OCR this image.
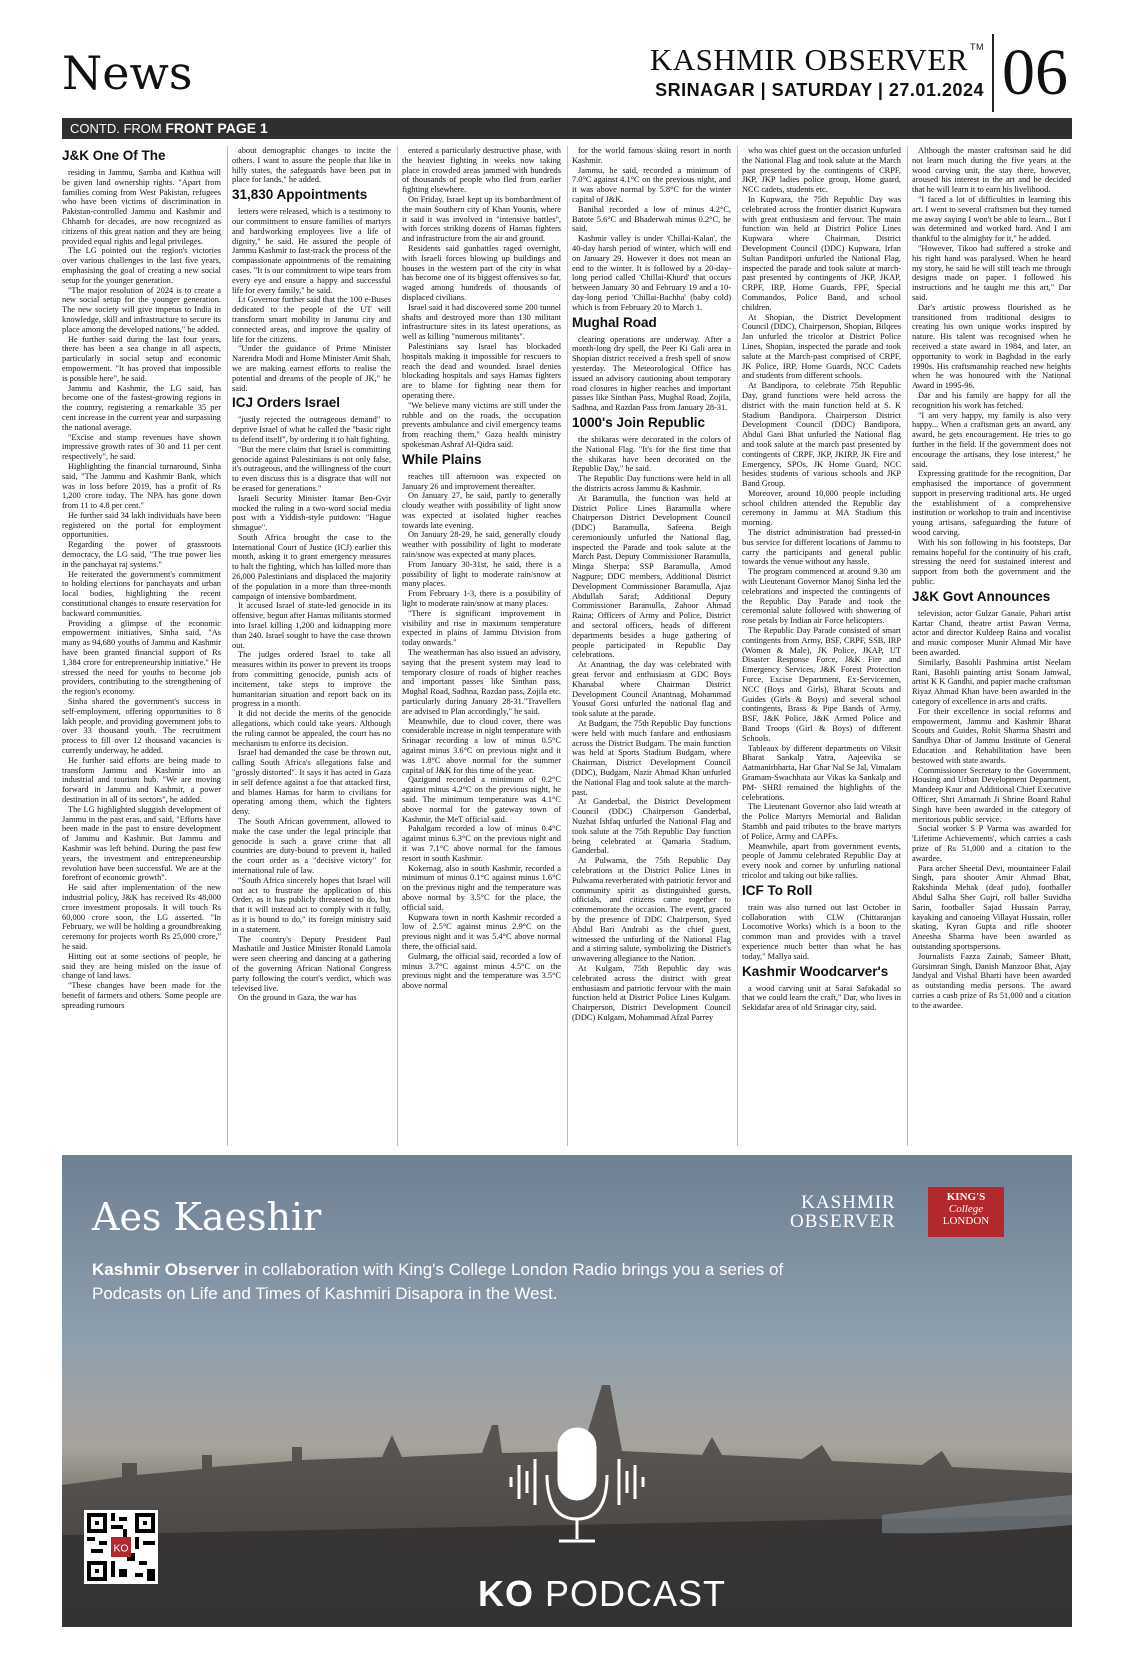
News	KASHMIR OBSERVER ™
SRINAGAR | SATURDAY | 27.01.2024 06
CONTD. FROM FRONT PAGE 1
J&K One Of The

residing in Jammu, Samba and Kathua will be given land ownership rights. "Apart from families coming from West Pakistan, refugees who have been victims of discrimination in Pakistan-controlled Jammu and Kashmir and Chhamb for decades, are now recognized as citizens of this great nation and they are being provided equal rights and legal privileges.

The LG pointed out the region's victories over various challenges in the last five years, emphasising the goal of creating a new social setup for the younger generation.

"The major resolution of 2024 is to create a new social setup for the younger generation. The new society will give impetus to India in knowledge, skill and infrastructure to secure its place among the developed nations," he added.

He further said during the last four years, there has been a sea change in all aspects, particularly in social setup and economic empowerment. "It has proved that impossible is possible here", he said.

Jammu and Kashmir, the LG said, has become one of the fastest-growing regions in the country, registering a remarkable 35 per cent increase in the current year and surpassing the national average.

"Excise and stamp revenues have shown impressive growth rates of 30 and 11 per cent respectively", he said.

Highlighting the financial turnaround, Sinha said, "The Jammu and Kashmir Bank, which was in loss before 2019, has a profit of Rs 1,200 crore today. The NPA has gone down from 11 to 4.8 per cent."

He further said 34 lakh individuals have been registered on the portal for employment opportunities.

Regarding the power of grassroots democracy, the LG said, "The true power lies in the panchayat raj systems."

He reiterated the government's commitment to holding elections for panchayats and urban local bodies, highlighting the recent constitutional changes to ensure reservation for backward communities.

Providing a glimpse of the economic empowerment initiatives, Sinha said, "As many as 94,680 youths of Jammu and Kashmir have been granted financial support of Rs 1,384 crore for entrepreneurship initiative." He stressed the need for youths to become job providers, contributing to the strengthening of the region's economy.

Sinha shared the government's success in self-employment, offering opportunities to 8 lakh people, and providing government jobs to over 33 thousand youth. The recruitment process to fill over 12 thousand vacancies is currently underway, he added.

He further said efforts are being made to transform Jammu and Kashmir into an industrial and tourism hub. "We are moving forward in Jammu and Kashmir, a power destination in all of its sectors", he added.

The LG highlighted sluggish development of Jammu in the past eras, and said, "Efforts have been made in the past to ensure development of Jammu and Kashmir. But Jammu and Kashmir was left behind. During the past few years, the investment and entrepreneurship revolution have been successful. We are at the forefront of economic growth".

He said after implementation of the new industrial policy, J&K has received Rs 48,000 crore investment proposals. It will touch Rs 60,000 crore soon, the LG asserted. "In February, we will be holding a groundbreaking ceremony for projects worth Rs 25,000 crore," he said.

Hitting out at some sections of people, he said they are being misled on the issue of change of land laws.

"These changes have been made for the benefit of farmers and others. Some people are spreading rumours

about demographic changes to incite the others. I want to assure the people that like in hilly states, the safeguards have been put in place for lands," he added.

31,830 Appointments

letters were released, which is a testimony to our commitment to ensure families of martyrs and hardworking employees live a life of dignity," he said. He assured the people of Jammu Kashmir to fast-track the process of the compassionate appointments of the remaining cases. "It is our commitment to wipe tears from every eye and ensure a happy and successful life for every family," he said.

Lt Governor further said that the 100 e-Buses dedicated to the people of the UT will transform smart mobility in Jammu city and connected areas, and improve the quality of life for the citizens.

"Under the guidance of Prime Minister Narendra Modi and Home Minister Amit Shah, we are making earnest efforts to realise the potential and dreams of the people of JK," he said.

ICJ Orders Israel

"justly rejected the outrageous demand" to deprive Israel of what he called the "basic right to defend itself", by ordering it to halt fighting.

"But the mere claim that Israel is committing genocide against Palestinians is not only false, it's outrageous, and the willingness of the court to even discuss this is a disgrace that will not be erased for generations."

Israeli Security Minister Itamar Ben-Gvir mocked the ruling in a two-word social media post with a Yiddish-style putdown: "Hague shmague".

South Africa brought the case to the International Court of Justice (ICJ) earlier this month, asking it to grant emergency measures to halt the fighting, which has killed more than 26,000 Palestinians and displaced the majority of the population in a more than three-month campaign of intensive bombardment.

It accused Israel of state-led genocide in its offensive, begun after Hamas militants stormed into Israel killing 1,200 and kidnapping more than 240. Israel sought to have the case thrown out.

The judges ordered Israel to take all measures within its power to prevent its troops from committing genocide, punish acts of incitement, take steps to improve the humanitarian situation and report back on its progress in a month.

It did not decide the merits of the genocide allegations, which could take years. Although the ruling cannot be appealed, the court has no mechanism to enforce its decision.

Israel had demanded the case be thrown out, calling South Africa's allegations false and "grossly distorted". It says it has acted in Gaza in self defence against a foe that attacked first, and blames Hamas for harm to civilians for operating among them, which the fighters deny.

The South African government, allowed to make the case under the legal principle that genocide is such a grave crime that all countries are duty-bound to prevent it, hailed the court order as a "decisive victory" for international rule of law.

"South Africa sincerely hopes that Israel will not act to frustrate the application of this Order, as it has publicly threatened to do, but that it will instead act to comply with it fully, as it is bound to do," its foreign ministry said in a statement.

The country's Deputy President Paul Mashatile and Justice Minister Ronald Lamola were seen cheering and dancing at a gathering of the governing African National Congress party following the court's verdict, which was televised live.

On the ground in Gaza, the war has

entered a particularly destructive phase, with the heaviest fighting in weeks now taking place in crowded areas jammed with hundreds of thousands of people who fled from earlier fighting elsewhere.

On Friday, Israel kept up its bombardment of the main Southern city of Khan Younis, where it said it was involved in "intensive battles", with forces striking dozens of Hamas fighters and infrastructure from the air and ground.

Residents said gunbattles raged overnight, with Israeli forces blowing up buildings and houses in the western part of the city in what has become one of its biggest offensives so far, waged among hundreds of thousands of displaced civilians.

Israel said it had discovered some 200 tunnel shafts and destroyed more than 130 militant infrastructure sites in its latest operations, as well as killing "numerous militants".

Palestinians say Israel has blockaded hospitals making it impossible for rescuers to reach the dead and wounded. Israel denies blockading hospitals and says Hamas fighters are to blame for fighting near them for operating there.

"We believe many victims are still under the rubble and on the roads, the occupation prevents ambulance and civil emergency teams from reaching them," Gaza health ministry spokesman Ashraf Al-Qidra said.

While Plains

reaches till afternoon was expected on January 26 and improvement thereafter.

On January 27, he said, partly to generally cloudy weather with possibility of light snow was expected at isolated higher reaches towards late evening.

On January 28-29, he said, generally cloudy weather with possibility of light to moderate rain/snow was expected at many places.

From January 30-31st, he said, there is a possibility of light to moderate rain/snow at many places.

From February 1-3, there is a possibility of light to moderate rain/snow at many places.

"There is significant improvement in visibility and rise in maximum temperature expected in plains of Jammu Division from today onwards."

The weatherman has also issued an advisory, saying that the present system may lead to temporary closure of roads of higher reaches and important passes like Sinthan pass, Mughal Road, Sadhna, Razdan pass, Zojila etc. particularly during January 28-31."Travellers are advised to Plan accordingly," he said.

Meanwhile, due to cloud cover, there was considerable increase in night temperature with Srinagar recording a low of minus 0.5°C against minus 3.6°C on previous night and it was 1.8°C above normal for the summer capital of J&K for this time of the year.

Qazigund recorded a minimum of 0.2°C against minus 4.2°C on the previous night, he said. The minimum temperature was 4.1°C above normal for the gateway town of Kashmir, the MeT official said.

Pahalgam recorded a low of minus 0.4°C against minus 6.3°C on the previous night and it was 7.1°C above normal for the famous resort in south Kashmir.

Kokernag, also in south Kashmir, recorded a minimum of minus 0.1°C against minus 1.6°C on the previous night and the temperature was above normal by 3.5°C for the place, the official said.

Kupwara town in north Kashmir recorded a low of 2.5°C against minus 2.9°C on the previous night and it was 5.4°C above normal there, the official said.

Gulmarg, the official said, recorded a low of minus 3.7°C against minus 4.5°C on the previous night and the temperature was 3.5°C above normal

for the world famous skiing resort in north Kashmir.

Jammu, he said, recorded a minimum of 7.0°C against 4.1°C on the previous night, and it was above normal by 5.8°C for the winter capital of J&K.

Banihal recorded a low of minus 4.2°C, Batote 5.6°C and Bhaderwah minus 0.2°C, he said.

Kashmir valley is under 'Chillai-Kalan', the 40-day harsh period of winter, which will end on January 29. However it does not mean an end to the winter. It is followed by a 20-day-long period called 'Chillai-Khurd' that occurs between January 30 and February 19 and a 10-day-long period 'Chillai-Bachha' (baby cold) which is from February 20 to March 1.

Mughal Road

clearing operations are underway. After a month-long dry spell, the Peer Ki Gali area in Shopian district received a fresh spell of snow yesterday. The Meteorological Office has issued an advisory cautioning about temporary road closures in higher reaches and important passes like Sinthan Pass, Mughal Road, Zojila, Sadhna, and Razdan Pass from January 28-31.

1000's Join Republic

the shikaras were decorated in the colors of the National Flag. "It's for the first time that the shikaras have been decorated on the Republic Day," he said.

The Republic Day functions were held in all the districts across Jammu & Kashmir.

At Baramulla, the function was held at District Police Lines Baramulla where Chairperson District Development Council (DDC) Baramulla, Safeena Beigh ceremoniously unfurled the National flag, inspected the Parade and took salute at the March Past. Deputy Commissioner Baramulla, Minga Sherpa; SSP Baramulla, Amod Nagpure; DDC members, Additional District Development Commissioner Baramulla, Ajaz Abdullah Saraf; Additional Deputy Commissioner Baramulla, Zahoor Ahmad Raina; Officers of Army and Police, District and sectoral officers, heads of different departments besides a huge gathering of people participated in Republic Day celebrations.

At Anantnag, the day was celebrated with great fervor and enthusiasm at GDC Boys Khanabal where Chairman District Development Council Anantnag, Mohammad Yousuf Gorsi unfurled the national flag and took salute at the parade.

At Budgam, the 75th Republic Day functions were held with much fanfare and enthusiasm across the District Budgam. The main function was held at Sports Stadium Budgam, where Chairman, District Development Council (DDC), Budgam, Nazir Ahmad Khan unfurled the National Flag and took salute at the march-past.

At Ganderbal, the District Development Council (DDC) Chairperson Ganderbal, Nuzhat Ishfaq unfurled the National Flag and took salute at the 75th Republic Day function being celebrated at Qamaria Stadium, Ganderbal.

At Pulwama, the 75th Republic Day celebrations at the District Police Lines in Pulwama reverberated with patriotic fervor and community spirit as distinguished guests, officials, and citizens came together to commemorate the occasion. The event, graced by the presence of DDC Chairperson, Syed Abdul Bari Andrabi as the chief guest, witnessed the unfurling of the National Flag and a stirring salute, symbolizing the District's unwavering allegiance to the Nation.

At Kulgam, 75th Republic day was celebrated across the district with great enthusiasm and patriotic fervour with the main function held at District Police Lines Kulgam. Chairperson, District Development Council (DDC) Kulgam, Mohammad Afzal Parrey

who was chief guest on the occasion unfurled the National Flag and took salute at the March past presented by the contingents of CRPF, JKP, JKP ladies police group, Home guard, NCC cadets, students etc.

In Kupwara, the 75th Republic Day was celebrated across the frontier district Kupwara with great enthusiasm and fervour. The main function was held at District Police Lines Kupwara where Chairman, District Development Council (DDC) Kupwara, Irfan Sultan Panditpori unfurled the National Flag, inspected the parade and took salute at march-past presented by contingents of JKP, JKAP, CRPF, IRP, Home Guards, FPF, Special Commandos, Police Band, and school children.

At Shopian, the District Development Council (DDC), Chairperson, Shopian, Bilqees Jan unfurled the tricolor at District Police Lines, Shopian, inspected the parade and took salute at the March-past comprised of CRPF, JK Police, IRP, Home Guards, NCC Cadets and students from different schools.

At Bandipora, to celebrate 75th Republic Day, grand functions were held across the district with the main function held at S. K Stadium Bandipora. Chairperson District Development Council (DDC) Bandipora, Abdul Gani Bhat unfurled the National flag and took salute at the march past presented by contingents of CRPF, JKP, JKIRP, JK Fire and Emergency, SPOs, JK Home Guard, NCC besides students of various schools and JKP Band Group.

Moreover, around 10,000 people including school children attended the Republic day ceremony in Jammu at MA Stadium this morning.

The district administration had pressed-in bus service for different locations of Jammu to carry the participants and general public towards the venue without any hassle.

The program commenced at around 9.30 am with Lieutenant Governor Manoj Sinha led the celebrations and inspected the contingents of the Republic Day Parade and took the ceremonial salute followed with showering of rose petals by Indian air Force helicopters.

The Republic Day Parade consisted of smart contingents from Army, BSF, CRPF, SSB, IRP (Women & Male), JK Police, JKAP, UT Disaster Response Force, J&K Fire and Emergency Services, J&K Forest Protection Force, Excise Department, Ex-Servicemen, NCC (Boys and Girls), Bharat Scouts and Guides (Girls & Boys) and several school contingents, Brass & Pipe Bands of Army, BSF, J&K Police, J&K Armed Police and Band Troops (Girl & Boys) of different Schools.

Tableaux by different departments on Viksit Bharat Sankalp Yatra, Aajeevika se Aatmanirbharta, Har Ghar Nal Se Jal, Vimalam Gramam-Swachhata aur Vikas ka Sankalp and PM- SHRI remained the highlights of the celebrations.

The Lieutenant Governor also laid wreath at the Police Martyrs Memorial and Balidan Stambh and paid tributes to the brave martyrs of Police, Army and CAPFs.

Meanwhile, apart from government events, people of Jammu celebrated Republic Day at every nook and corner by unfurling national tricolor and taking out bike rallies.

ICF To Roll

train was also turned out last October in collaboration with CLW (Chittaranjan Locomotive Works) which is a boon to the common man and provides with a travel experience much better than what he has today," Mallya said.

Kashmir Woodcarver's

a wood carving unit at Sarai Safakadal so that we could learn the craft," Dar, who lives in Sekidafar area of old Srinagar city, said.

Although the master craftsman said he did not learn much during the five years at the wood carving unit, the stay there, however, aroused his interest in the art and he decided that he will learn it to earn his livelihood.

"I faced a lot of difficulties in learning this art. I went to several craftsmen but they turned me away saying I won't be able to learn... But I was determined and worked hard. And I am thankful to the almighty for it," he added.

"However, Tikoo had suffered a stroke and his right hand was paralysed. When he heard my story, he said he will still teach me through designs made on paper. I followed his instructions and he taught me this art," Dar said.

Dar's artistic prowess flourished as he transitioned from traditional designs to creating his own unique works inspired by nature. His talent was recognised when he received a state award in 1984, and later, an opportunity to work in Baghdad in the early 1990s. His craftsmanship reached new heights when he was honoured with the National Award in 1995-96.

Dar and his family are happy for all the recognition his work has fetched.

"I am very happy, my family is also very happy... When a craftsman gets an award, any award, he gets encouragement. He tries to go further in the field. If the government does not encourage the artisans, they lose interest," he said.

Expressing gratitude for the recognition, Dar emphasised the importance of government support in preserving traditional arts. He urged the establishment of a comprehensive institution or workshop to train and incentivise young artisans, safeguarding the future of wood carving.

With his son following in his footsteps, Dar remains hopeful for the continuity of his craft, stressing the need for sustained interest and support from both the government and the public.

J&K Govt Announces

television, actor Gulzar Ganaie, Pahari artist Kartar Chand, theatre artist Pawan Verma, actor and director Kuldeep Raina and vocalist and music composer Munir Ahmad Mir have been awarded.

Similarly, Basohli Pashmina artist Neelam Rani, Basohli painting artist Sonam Jamwal, artist K K Gandhi, and papier mache craftsman Riyaz Ahmad Khan have been awarded in the category of excellence in arts and crafts.

For their excellence in social reforms and empowerment, Jammu and Kashmir Bharat Scouts and Guides, Rohit Sharma Shastri and Sandhya Dhar of Jammu Institute of General Education and Rehabilitation have been bestowed with state awards.

Commissioner Secretary to the Government, Housing and Urban Development Department, Mandeep Kaur and Additional Chief Executive Officer, Shri Amarnath Ji Shrine Board Rahul Singh have been awarded in the category of meritorious public service.

Social worker S P Varma was awarded for 'Lifetime Achievements', which carries a cash prize of Rs 51,000 and a citation to the awardee.

Para archer Sheetal Devi, mountaineer Falail Singh, para shooter Amir Ahmad Bhat, Rakshinda Mehak (deaf judo), footballer Abdul Salha Sher Gujri, roll baller Suvidha Sarin, footballer Sajad Hussain Parray, kayaking and canoeing Villayat Hussain, roller skating, Kyran Gupta and rifle shooter Aneesha Sharma have been awarded as outstanding sportspersons.

Journalists Fazza Zainab, Sameer Bhatt, Gursimran Singh, Danish Manzoor Bhat, Ajay Jandyal and Vishal Bharti have been awarded as outstanding media persons. The award carries a cash prize of Rs 51,000 and a citation to the awardee.

Aes Kaeshir
Kashmir Observer in collaboration with King's College London Radio brings you a series of Podcasts on Life and Times of Kashmiri Disapora in the West.
KASHMIR
OBSERVER
KING'S
College
LONDON
KO PODCAST
KO
